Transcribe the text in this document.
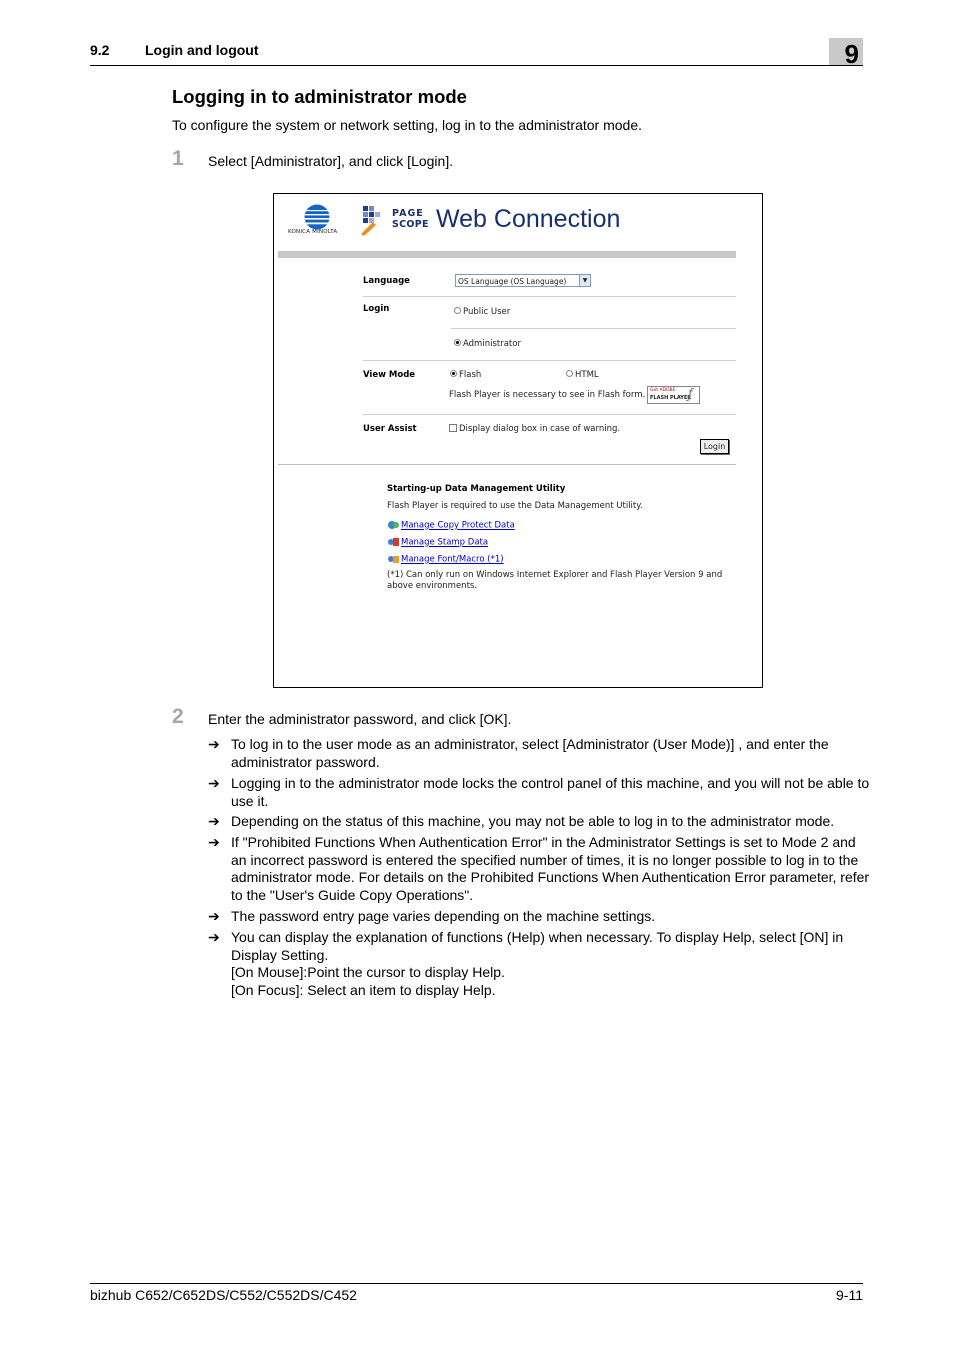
9.2	Login and logout	9
Logging in to administrator mode
To configure the system or network setting, log in to the administrator mode.
1 Select [Administrator], and click [Login].
KONICA MINOLTA
PAGE
SCOPE Web Connection
Language	OS Language (OS Language)	▼
Login	Public User
Administrator
View Mode	Flash	HTML
Flash Player is necessary to see in Flash form. Get ADOBE
FLASH PLAYER
ƒ
User Assist	Display dialog box in case of warning.
Login
Starting-up Data Management Utility
Flash Player is required to use the Data Management Utility.
Manage Copy Protect Data
Manage Stamp Data
Manage Font/Macro (*1)
(*1) Can only run on Windows Internet Explorer and Flash Player Version 9 and
above environments.
2 Enter the administrator password, and click [OK].
➔ To log in to the user mode as an administrator, select [Administrator (User Mode)] , and enter the administrator password.
➔ Logging in to the administrator mode locks the control panel of this machine, and you will not be able to use it.
➔ Depending on the status of this machine, you may not be able to log in to the administrator mode.
➔ If "Prohibited Functions When Authentication Error" in the Administrator Settings is set to Mode 2 and an incorrect password is entered the specified number of times, it is no longer possible to log in to the administrator mode. For details on the Prohibited Functions When Authentication Error parameter, refer to the "User's Guide Copy Operations".
➔ The password entry page varies depending on the machine settings.
➔ You can display the explanation of functions (Help) when necessary. To display Help, select [ON] in Display Setting.
[On Mouse]:Point the cursor to display Help.
[On Focus]: Select an item to display Help.
bizhub C652/C652DS/C552/C552DS/C452	9-11
